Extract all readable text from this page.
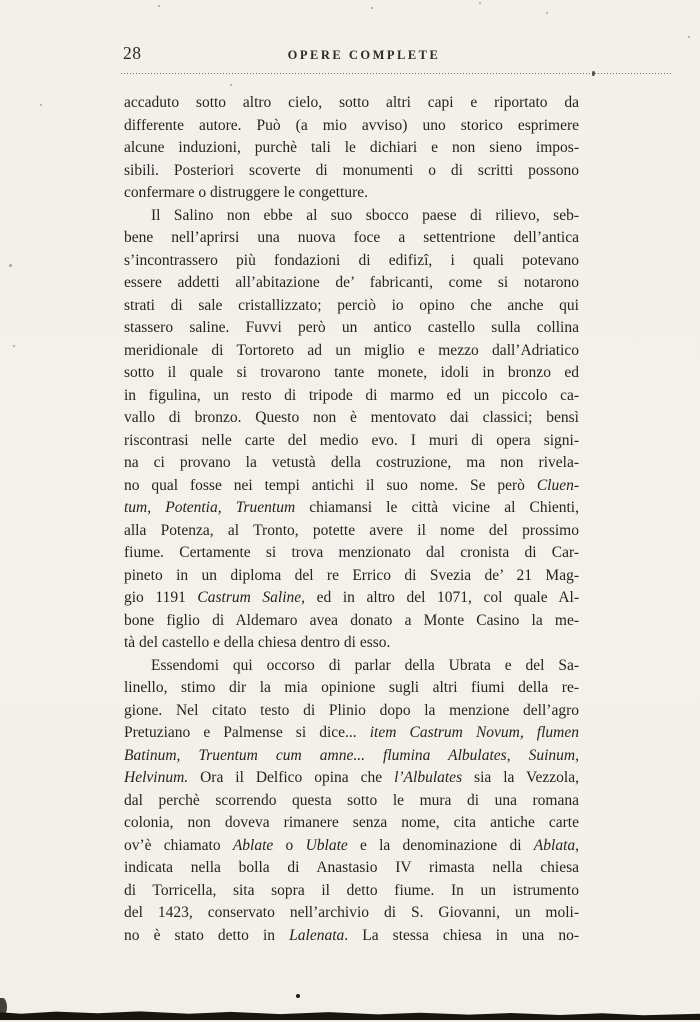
28	OPERE COMPLETE
accaduto sotto altro cielo, sotto altri capi e riportato da
differente autore. Può (a mio avviso) uno storico esprimere
alcune induzioni, purchè tali le dichiari e non sieno impos-
sibili. Posteriori scoverte di monumenti o di scritti possono
confermare o distruggere le congetture.
Il Salino non ebbe al suo sbocco paese di rilievo, seb-
bene nell’aprirsi una nuova foce a settentrione dell’antica
s’incontrassero più fondazioni di edifizî, i quali potevano
essere addetti all’abitazione de’ fabricanti, come si notarono
strati di sale cristallizzato; perciò io opino che anche qui
stassero saline. Fuvvi però un antico castello sulla collina
meridionale di Tortoreto ad un miglio e mezzo dall’Adriatico
sotto il quale si trovarono tante monete, idoli in bronzo ed
in figulina, un resto di tripode di marmo ed un piccolo ca-
vallo di bronzo. Questo non è mentovato dai classici; bensì
riscontrasi nelle carte del medio evo. I muri di opera signi-
na ci provano la vetustà della costruzione, ma non rivela-
no qual fosse nei tempi antichi il suo nome. Se però Cluen-
tum, Potentia, Truentum chiamansi le città vicine al Chienti,
alla Potenza, al Tronto, potette avere il nome del prossimo
fiume. Certamente si trova menzionato dal cronista di Car-
pineto in un diploma del re Errico di Svezia de’ 21 Mag-
gio 1191 Castrum Saline, ed in altro del 1071, col quale Al-
bone figlio di Aldemaro avea donato a Monte Casino la me-
tà del castello e della chiesa dentro di esso.
Essendomi qui occorso di parlar della Ubrata e del Sa-
linello, stimo dir la mia opinione sugli altri fiumi della re-
gione. Nel citato testo di Plinio dopo la menzione dell’agro
Pretuziano e Palmense si dice... item Castrum Novum, flumen
Batinum, Truentum cum amne... flumina Albulates, Suinum,
Helvinum. Ora il Delfico opina che l’Albulates sia la Vezzola,
dal perchè scorrendo questa sotto le mura di una romana
colonia, non doveva rimanere senza nome, cita antiche carte
ov’è chiamato Ablate o Ublate e la denominazione di Ablata,
indicata nella bolla di Anastasio IV rimasta nella chiesa
di Torricella, sita sopra il detto fiume. In un istrumento
del 1423, conservato nell’archivio di S. Giovanni, un moli-
no è stato detto in Lalenata. La stessa chiesa in una no-
